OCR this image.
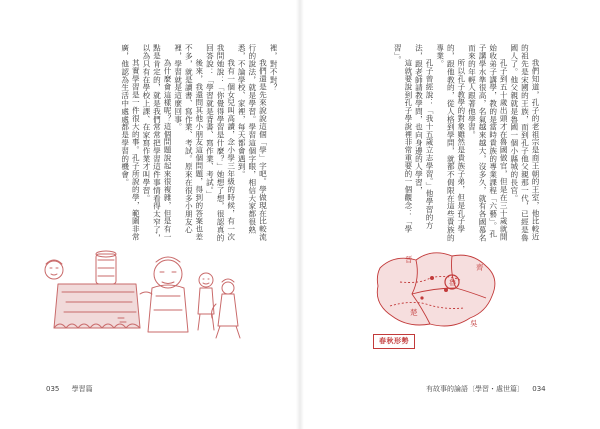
裡，對不對？

我們還是先來說說這個「學」字吧。學做現在比較流行的說法，就是學習。學習這個字眼，相信大家都很熟悉，不論學校、家裡，每天都會遇到。

我有一個女兒叫高讀，念小學三年級的時候，有一次我問她說：「你覺得學習是什麼？」她想了想，很認真的回答說：「學習就是背書、寫作業、考試。」

後來，我還問其他小朋友這個問題，得到的答案也差不多，就是讀書、寫作業、考試。原來在很多小朋友心裡，學習就是這麼回事。

為什麼會這樣呢？這個問題說起來很複雜，但是有一點是肯定的，就是我們常常把學習這件事情看得太窄了，以為只有在學校上課、在家寫作業才叫學習。

其實學習是一件很大的事。孔子所說的學，範圍非常廣，他認為生活中處處都是學習的機會。

035 學習篇

我們知道，孔子的老祖宗是商王朝的王室，他比較近的祖先是宋國的王族，而到孔子他父親那一代，已經是魯國人了。他父親就是魯國一個小縣城的長官。

孔子到五十歲出頭才在魯國做官，但是在三十歲就開始收弟子講學，教的是當時貴族的專業課程「六藝」。孔子講學水準很高，名氣越來越大，沒多久，就有各國慕名而來的年輕人跟著他學習。

所以孔子教學的對象雖然是貴族子弟，但是孔子學的，跟他教的，從人格到學問，就都不侷限在這些貴族的專業。

孔子曾經說：「我十五歲立志學習。」他學習的方法，跟老師請教學問，也向身邊的人學習，

這就要說到孔子學說裡非常重要的一個觀念：「學習」。

有故事的論語〔學習・處世篇〕 034
晉
齊
魯
楚
吳
春秋形勢
